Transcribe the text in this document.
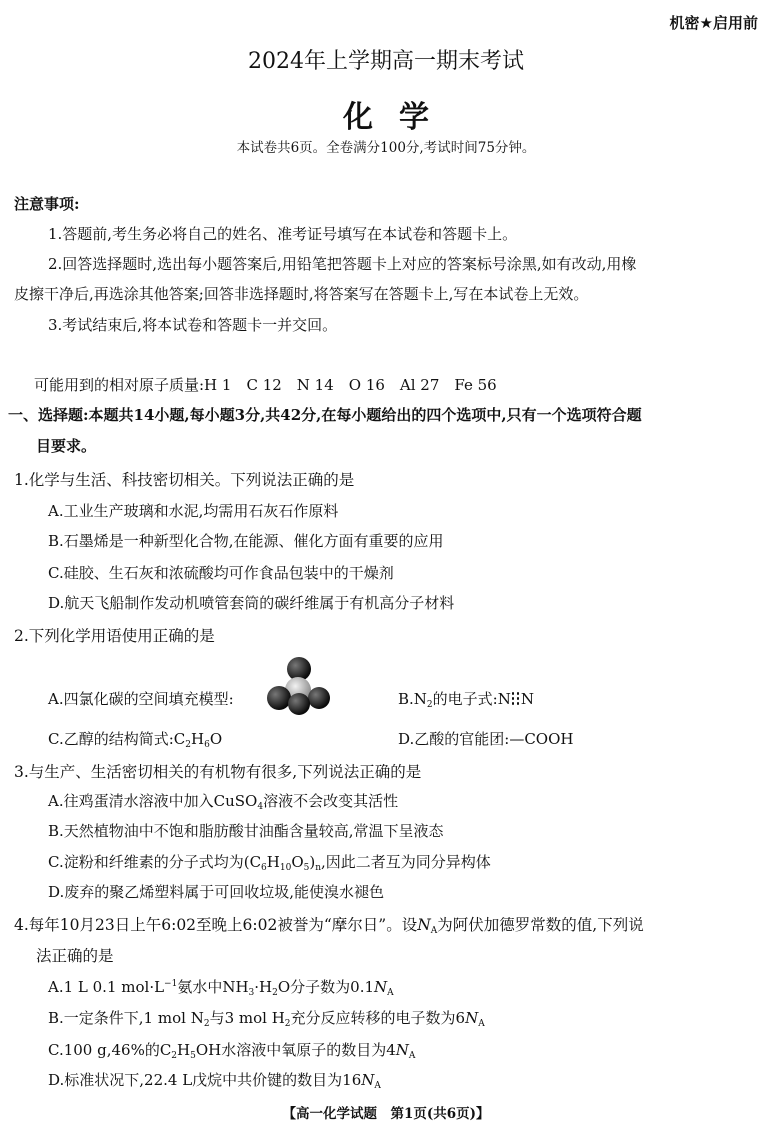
机密★启用前
2024年上学期高一期末考试
化学
本试卷共6页。全卷满分100分,考试时间75分钟。
注意事项:
1.答题前,考生务必将自己的姓名、准考证号填写在本试卷和答题卡上。
2.回答选择题时,选出每小题答案后,用铅笔把答题卡上对应的答案标号涂黑,如有改动,用橡
皮擦干净后,再选涂其他答案;回答非选择题时,将答案写在答题卡上,写在本试卷上无效。
3.考试结束后,将本试卷和答题卡一并交回。
可能用到的相对原子质量:H 1　C 12　N 14　O 16　Al 27　Fe 56
一、选择题:本题共14小题,每小题3分,共42分,在每小题给出的四个选项中,只有一个选项符合题
目要求。
1.化学与生活、科技密切相关。下列说法正确的是
A.工业生产玻璃和水泥,均需用石灰石作原料
B.石墨烯是一种新型化合物,在能源、催化方面有重要的应用
C.硅胶、生石灰和浓硫酸均可作食品包装中的干燥剂
D.航天飞船制作发动机喷管套筒的碳纤维属于有机高分子材料
2.下列化学用语使用正确的是
A.四氯化碳的空间填充模型:	$B.N_2$的电子式:N N
C.乙醇的结构简式$:C_2H_6O$	D.乙酸的官能团:—COOH
3.与生产、生活密切相关的有机物有很多,下列说法正确的是
A.往鸡蛋清水溶液中加入CuSO$_4$溶液不会改变其活性
B.天然植物油中不饱和脂肪酸甘油酯含量较高,常温下呈液态
C.淀粉和纤维素的分子式均为$(C_6H_{10}O_5)_n$,因此二者互为同分异构体
D.废弃的聚乙烯塑料属于可回收垃圾,能使溴水褪色
4.每年10月23日上午6:02至晚上6:02被誉为“摩尔日”。设$N_A$为阿伏加德罗常数的值,下列说
法正确的是
A.1 L 0.1 $mol\cdot L^{-1}$氨水中$NH_3\cdot H_2O$分子数为$0.1N_A$
B.一定条件下,1 mol $N_2$与3 mol $H_2$充分反应转移的电子数为$6N_A$
C.100 g,46%的$C_2H_5OH$水溶液中氧原子的数目为$4N_A$
D.标准状况下,22.4 L戊烷中共价键的数目为$16N_A$
【高一化学试题　第1页(共6页)】
